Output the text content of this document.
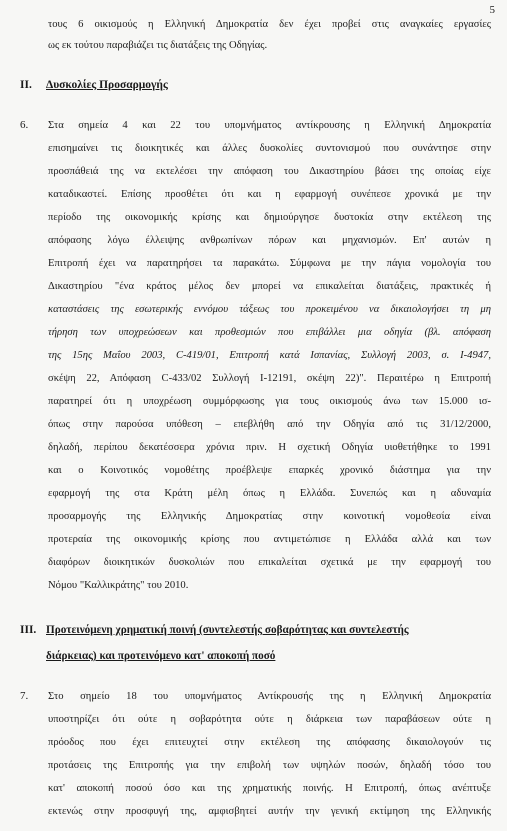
5
τους 6 οικισμούς η Ελληνική Δημοκρατία δεν έχει προβεί στις αναγκαίες εργασίες
ως εκ τούτου παραβιάζει τις διατάξεις της Οδηγίας.
II. Δυσκολίες Προσαρμογής
6. Στα σημεία 4 και 22 του υπομνήματος αντίκρουσης η Ελληνική Δημοκρατία
επισημαίνει τις διοικητικές και άλλες δυσκολίες συντονισμού που συνάντησε στην
προσπάθειά της να εκτελέσει την απόφαση του Δικαστηρίου βάσει της οποίας είχε
καταδικαστεί. Επίσης προσθέτει ότι και η εφαρμογή συνέπεσε χρονικά με την
περίοδο της οικονομικής κρίσης και δημιούργησε δυστοκία στην εκτέλεση της
απόφασης λόγω έλλειψης ανθρωπίνων πόρων και μηχανισμών. Επ' αυτών η
Επιτροπή έχει να παρατηρήσει τα παρακάτω. Σύμφωνα με την πάγια νομολογία του
Δικαστηρίου "ένα κράτος μέλος δεν μπορεί να επικαλείται διατάξεις, πρακτικές ή
καταστάσεις της εσωτερικής εννόμου τάξεως του προκειμένου να δικαιολογήσει τη μη
τήρηση των υποχρεώσεων και προθεσμιών που επιβάλλει μια οδηγία (βλ. απόφαση
της 15ης Μαΐου 2003, C-419/01, Επιτροπή κατά Ισπανίας, Συλλογή 2003, σ. I-4947,
σκέψη 22, Απόφαση C-433/02 Συλλογή I-12191, σκέψη 22)". Περαιτέρω η Επιτροπή
παρατηρεί ότι η υποχρέωση συμμόρφωσης για τους οικισμούς άνω των 15.000 ισ-
όπως στην παρούσα υπόθεση – επεβλήθη από την Οδηγία από τις 31/12/2000,
δηλαδή, περίπου δεκατέσσερα χρόνια πριν. Η σχετική Οδηγία υιοθετήθηκε το 1991
και ο Κοινοτικός νομοθέτης προέβλεψε επαρκές χρονικό διάστημα για την
εφαρμογή της στα Κράτη μέλη όπως η Ελλάδα. Συνεπώς και η αδυναμία
προσαρμογής της Ελληνικής Δημοκρατίας στην κοινοτική νομοθεσία είναι
προτεραία της οικονομικής κρίσης που αντιμετώπισε η Ελλάδα αλλά και των
διαφόρων διοικητικών δυσκολιών που επικαλείται σχετικά με την εφαρμογή του
Νόμου "Καλλικράτης" του 2010.
III. Προτεινόμενη χρηματική ποινή (συντελεστής σοβαρότητας και συντελεστής
διάρκειας) και προτεινόμενο κατ' αποκοπή ποσό
7. Στο σημείο 18 του υπομνήματος Αντίκρουσής της η Ελληνική Δημοκρατία
υποστηρίζει ότι ούτε η σοβαρότητα ούτε η διάρκεια των παραβάσεων ούτε η
πρόοδος που έχει επιτευχτεί στην εκτέλεση της απόφασης δικαιολογούν τις
προτάσεις της Επιτροπής για την επιβολή των υψηλών ποσών, δηλαδή τόσο του
κατ' αποκοπή ποσού όσο και της χρηματικής ποινής. Η Επιτροπή, όπως ανέπτυξε
εκτενώς στην προσφυγή της, αμφισβητεί αυτήν την γενική εκτίμηση της Ελληνικής
